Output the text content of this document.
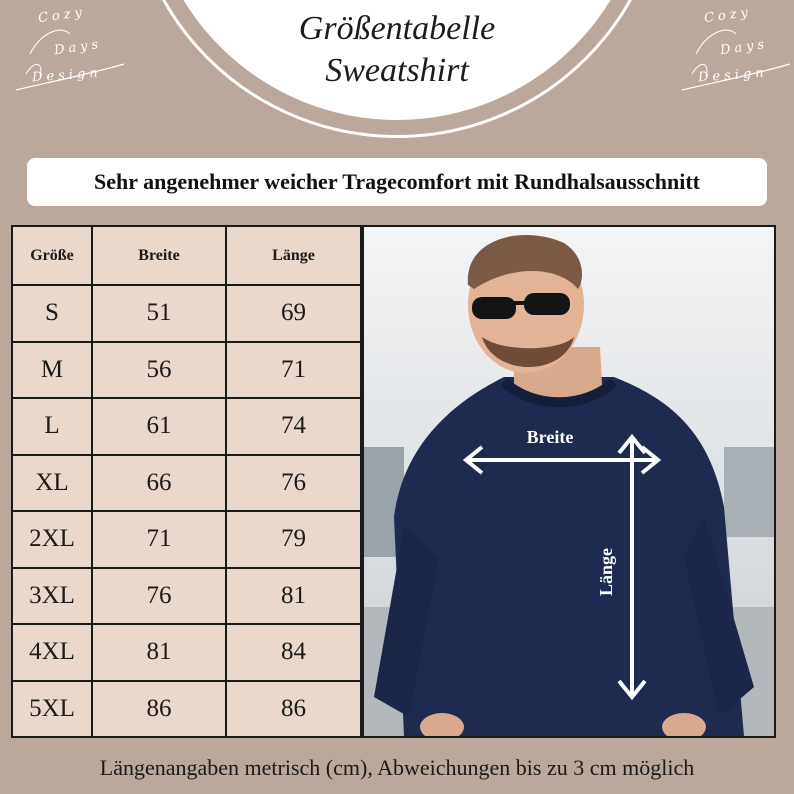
Größentabelle
Sweatshirt
Cozy
Days
Design
Cozy
Days
Design
Sehr angenehmer weicher Tragecomfort mit Rundhalsausschnitt
Größe	Breite	Länge
S	51	69
M	56	71
L	61	74
XL	66	76
2XL	71	79
3XL	76	81
4XL	81	84
5XL	86	86
Breite
Länge
Längenangaben metrisch (cm), Abweichungen bis zu 3 cm möglich
